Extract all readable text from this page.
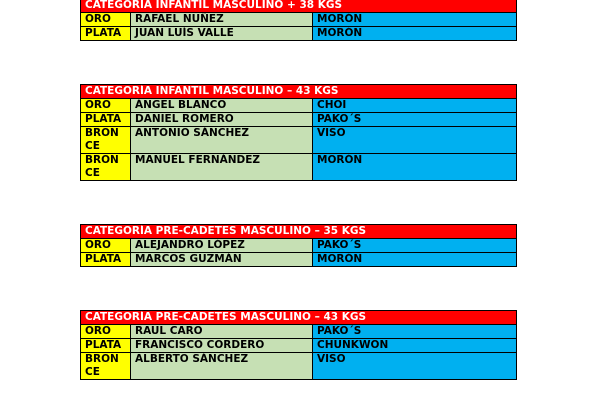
CATEGORÍA INFANTIL MASCULINO + 38 KGS		
ORO	RAFAEL NUÑEZ	MORÓN
PLATA	JUAN LUÍS VALLE	MORÓN
CATEGORÍA INFANTIL MASCULINO – 43 KGS		
ORO	ÁNGEL BLANCO	CHOI
PLATA	DANIEL ROMERO	PAKO´S
BRONCE	ANTONIO SÁNCHEZ	VISO
BRONCE	MANUEL FERNÁNDEZ	MORÓN
CATEGORÍA PRE-CADETES MASCULINO – 35 KGS		
ORO	ALEJANDRO LÓPEZ	PAKO´S
PLATA	MARCOS GUZMÁN	MORÓN
CATEGORÍA PRE-CADETES MASCULINO – 43 KGS		
ORO	RAUL CARO	PAKO´S
PLATA	FRANCISCO CORDERO	CHUNKWON
BRONCE	ALBERTO SÁNCHEZ	VISO
